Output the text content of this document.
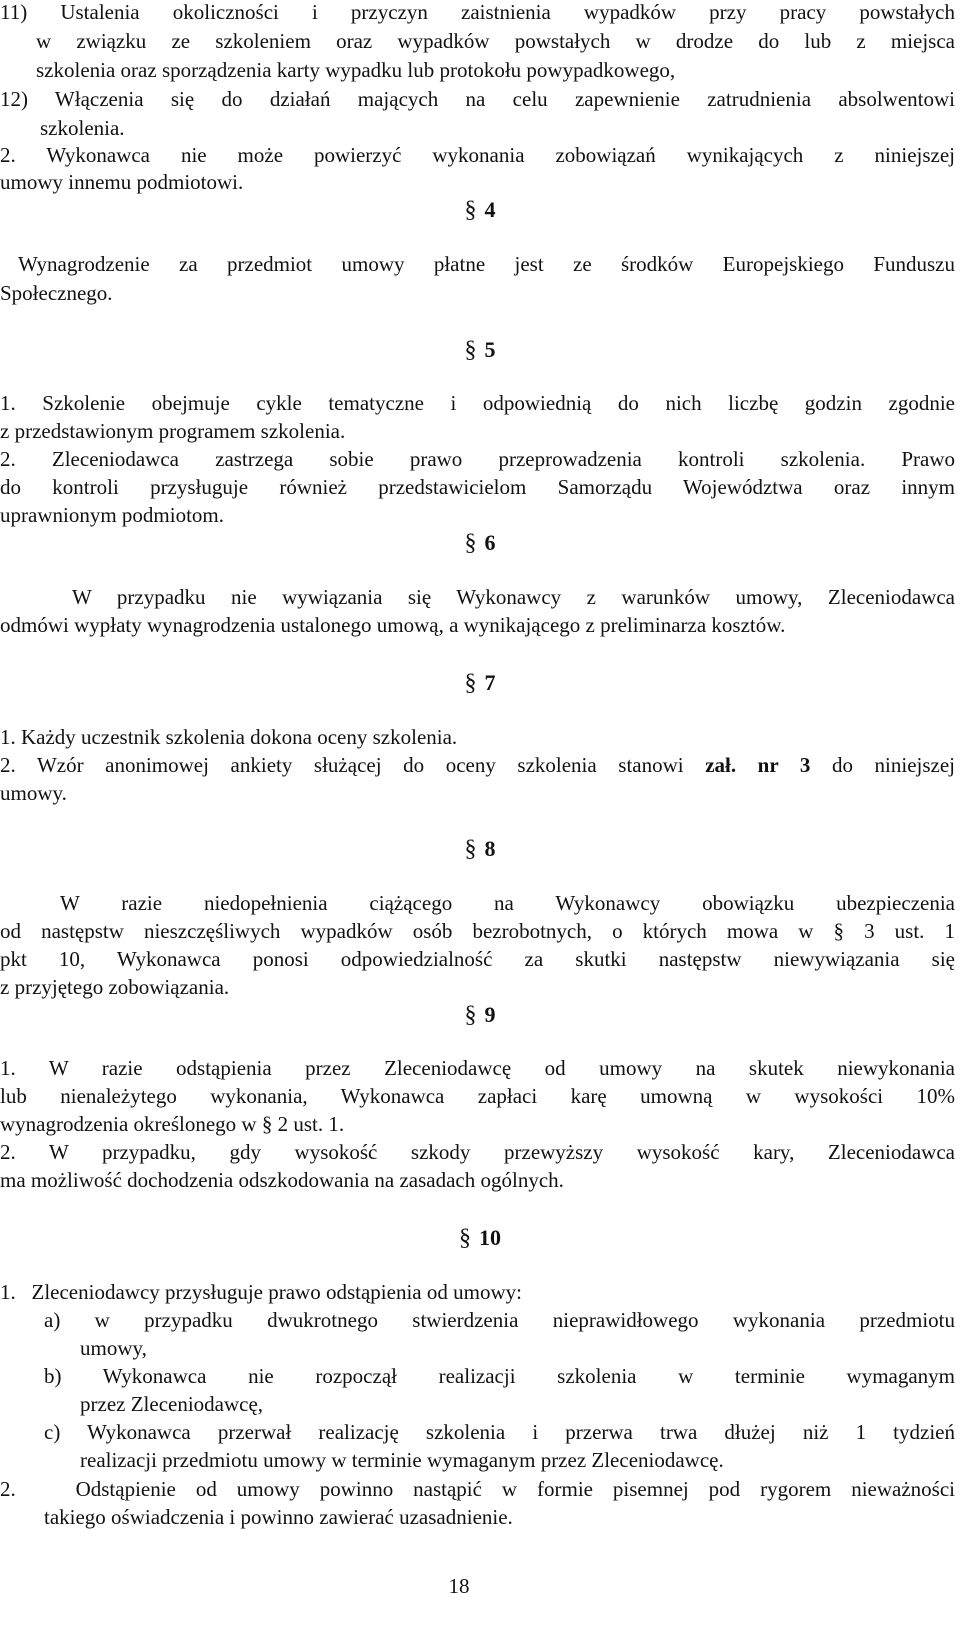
11) Ustalenia okoliczności i przyczyn zaistnienia wypadków przy pracy powstałych
w związku ze szkoleniem oraz wypadków powstałych w drodze do lub z miejsca
szkolenia oraz sporządzenia karty wypadku lub protokołu powypadkowego,
12) Włączenia się do działań mających na celu zapewnienie zatrudnienia absolwentowi
szkolenia.
2. Wykonawca nie może powierzyć wykonania zobowiązań wynikających z niniejszej
umowy innemu podmiotowi.
§ 4
Wynagrodzenie za przedmiot umowy płatne jest ze środków Europejskiego Funduszu
Społecznego.
§ 5
1. Szkolenie obejmuje cykle tematyczne i odpowiednią do nich liczbę godzin zgodnie
z przedstawionym programem szkolenia.
2. Zleceniodawca zastrzega sobie prawo przeprowadzenia kontroli szkolenia. Prawo
do kontroli przysługuje również przedstawicielom Samorządu Województwa oraz innym
uprawnionym podmiotom.
§ 6
W przypadku nie wywiązania się Wykonawcy z warunków umowy, Zleceniodawca
odmówi wypłaty wynagrodzenia ustalonego umową, a wynikającego z preliminarza kosztów.
§ 7
1. Każdy uczestnik szkolenia dokona oceny szkolenia.
2. Wzór anonimowej ankiety służącej do oceny szkolenia stanowi zał. nr 3 do niniejszej
umowy.
§ 8
W razie niedopełnienia ciążącego na Wykonawcy obowiązku ubezpieczenia
od następstw nieszczęśliwych wypadków osób bezrobotnych, o których mowa w § 3 ust. 1
pkt 10, Wykonawca ponosi odpowiedzialność za skutki następstw niewywiązania się
z przyjętego zobowiązania.
§ 9
1. W razie odstąpienia przez Zleceniodawcę od umowy na skutek niewykonania
lub nienależytego wykonania, Wykonawca zapłaci karę umowną w wysokości 10%
wynagrodzenia określonego w § 2 ust. 1.
2. W przypadku, gdy wysokość szkody przewyższy wysokość kary, Zleceniodawca
ma możliwość dochodzenia odszkodowania na zasadach ogólnych.
§ 10
1.   Zleceniodawcy przysługuje prawo odstąpienia od umowy:
a) w przypadku dwukrotnego stwierdzenia nieprawidłowego wykonania przedmiotu
umowy,
b) Wykonawca nie rozpoczął realizacji szkolenia w terminie wymaganym
przez Zleceniodawcę,
c) Wykonawca przerwał realizację szkolenia i przerwa trwa dłużej niż 1 tydzień
realizacji przedmiotu umowy w terminie wymaganym przez Zleceniodawcę.
2.   Odstąpienie od umowy powinno nastąpić w formie pisemnej pod rygorem nieważności
takiego oświadczenia i powinno zawierać uzasadnienie.
18
